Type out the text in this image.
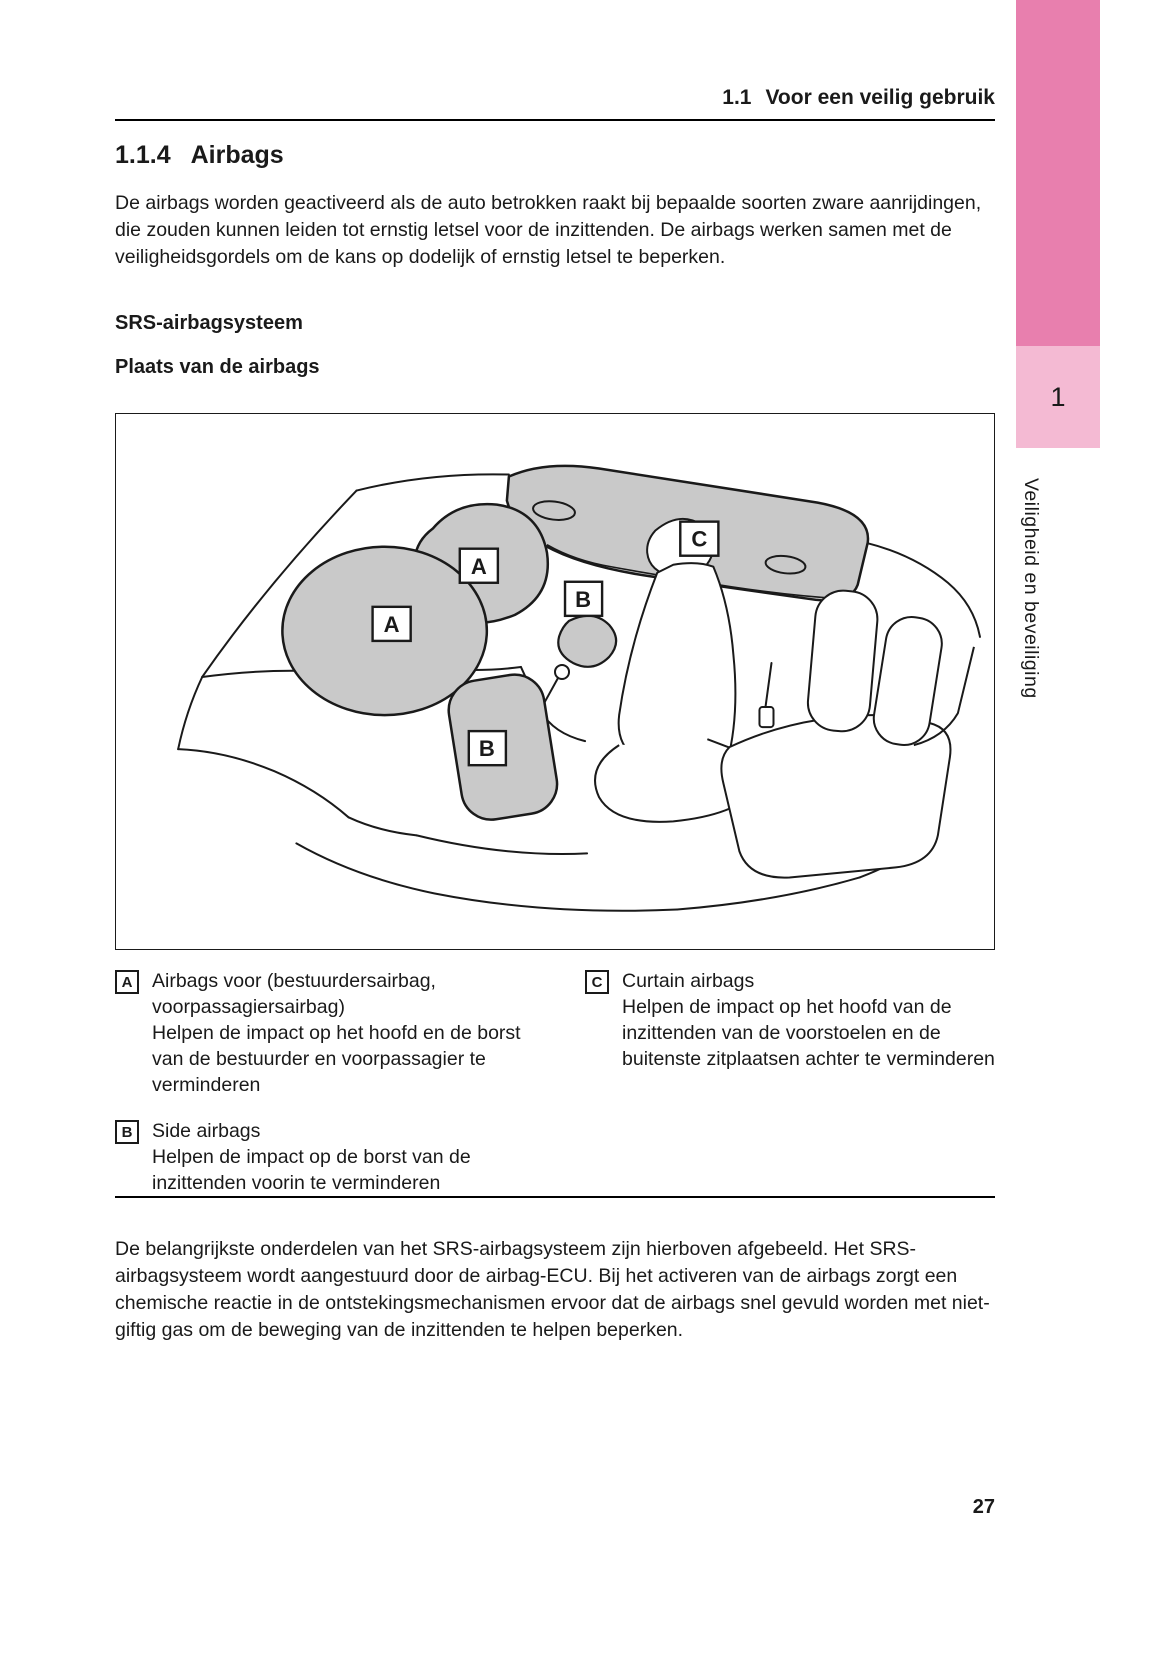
1
Veiligheid en beveiliging
1.1 Voor een veilig gebruik
1.1.4 Airbags

De airbags worden geactiveerd als de auto betrokken raakt bij bepaalde soorten zware aanrijdingen, die zouden kunnen leiden tot ernstig letsel voor de inzittenden. De airbags werken samen met de veiligheidsgordels om de kans op dodelijk of ernstig letsel te beperken.

SRS-airbagsysteem
Plaats van de airbags
A
A
B
B
C
A	Airbags voor (bestuurdersairbag, voorpassagiersairbag)
Helpen de impact op het hoofd en de borst van de bestuurder en voorpassagier te verminderen
B	Side airbags
Helpen de impact op de borst van de inzittenden voorin te verminderen
C	Curtain airbags
Helpen de impact op het hoofd van de inzittenden van de voorstoelen en de buitenste zitplaatsen achter te verminderen

De belangrijkste onderdelen van het SRS-airbagsysteem zijn hierboven afgebeeld. Het SRS-airbagsysteem wordt aangestuurd door de airbag-ECU. Bij het activeren van de airbags zorgt een chemische reactie in de ontstekingsmechanismen ervoor dat de airbags snel gevuld worden met niet-giftig gas om de beweging van de inzittenden te helpen beperken.

27
